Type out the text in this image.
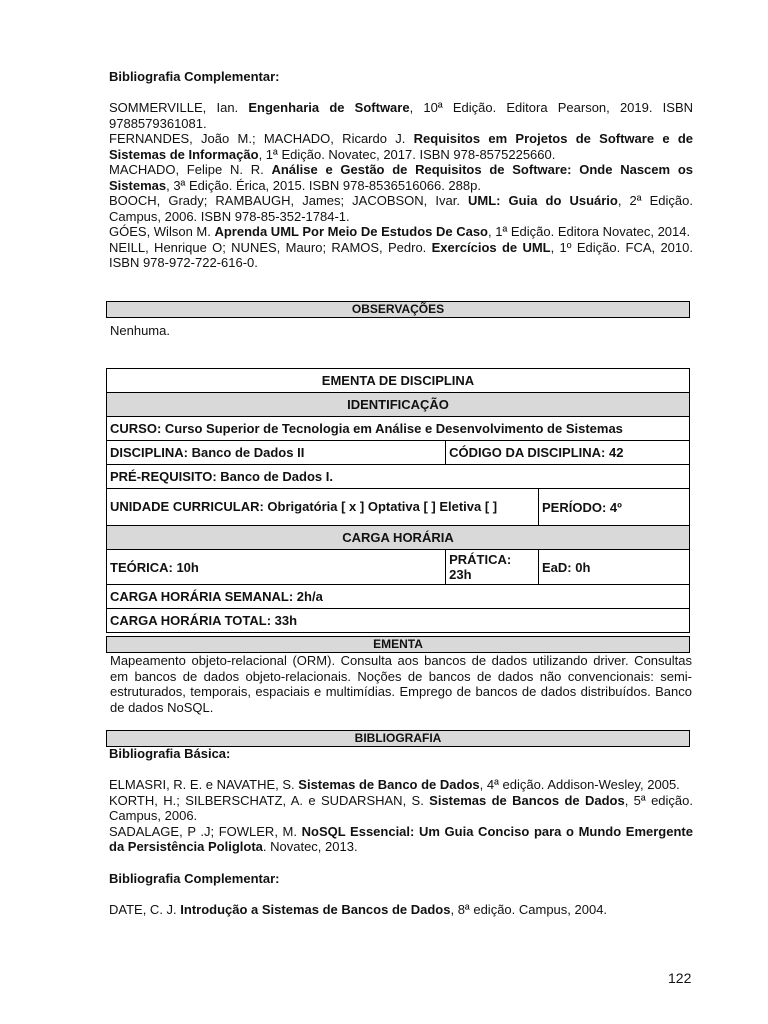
Bibliografia Complementar:

SOMMERVILLE, Ian. Engenharia de Software, 10ª Edição. Editora Pearson, 2019. ISBN 9788579361081.

FERNANDES, João M.; MACHADO, Ricardo J. Requisitos em Projetos de Software e de Sistemas de Informação, 1ª Edição. Novatec, 2017. ISBN 978-8575225660.

MACHADO, Felipe N. R. Análise e Gestão de Requisitos de Software: Onde Nascem os Sistemas, 3ª Edição. Érica, 2015. ISBN 978-8536516066. 288p.

BOOCH, Grady; RAMBAUGH, James; JACOBSON, Ivar. UML: Guia do Usuário, 2ª Edição. Campus, 2006. ISBN 978-85-352-1784-1.

GÓES, Wilson M. Aprenda UML Por Meio De Estudos De Caso, 1ª Edição. Editora Novatec, 2014.

NEILL, Henrique O; NUNES, Mauro; RAMOS, Pedro. Exercícios de UML, 1º Edição. FCA, 2010. ISBN 978-972-722-616-0.

OBSERVAÇÕES

Nenhuma.

EMENTA DE DISCIPLINA		
IDENTIFICAÇÃO		
CURSO: Curso Superior de Tecnologia em Análise e Desenvolvimento de Sistemas		
DISCIPLINA: Banco de Dados II	CÓDIGO DA DISCIPLINA: 42	
PRÉ-REQUISITO: Banco de Dados I.		
UNIDADE CURRICULAR: Obrigatória [ x ] Optativa [ ] Eletiva [ ]		PERÍODO: 4º
CARGA HORÁRIA		
TEÓRICA: 10h	PRÁTICA: 23h	EaD: 0h
CARGA HORÁRIA SEMANAL: 2h/a		
CARGA HORÁRIA TOTAL: 33h		
EMENTA

Mapeamento objeto-relacional (ORM). Consulta aos bancos de dados utilizando driver. Consultas em bancos de dados objeto-relacionais. Noções de bancos de dados não convencionais: semi-estruturados, temporais, espaciais e multimídias. Emprego de bancos de dados distribuídos. Banco de dados NoSQL.

BIBLIOGRAFIA

Bibliografia Básica:

ELMASRI, R. E. e NAVATHE, S. Sistemas de Banco de Dados, 4ª edição. Addison-Wesley, 2005.

KORTH, H.; SILBERSCHATZ, A. e SUDARSHAN, S. Sistemas de Bancos de Dados, 5ª edição. Campus, 2006.

SADALAGE, P .J; FOWLER, M. NoSQL Essencial: Um Guia Conciso para o Mundo Emergente da Persistência Poliglota. Novatec, 2013.

Bibliografia Complementar:

DATE, C. J. Introdução a Sistemas de Bancos de Dados, 8ª edição. Campus, 2004.

122
